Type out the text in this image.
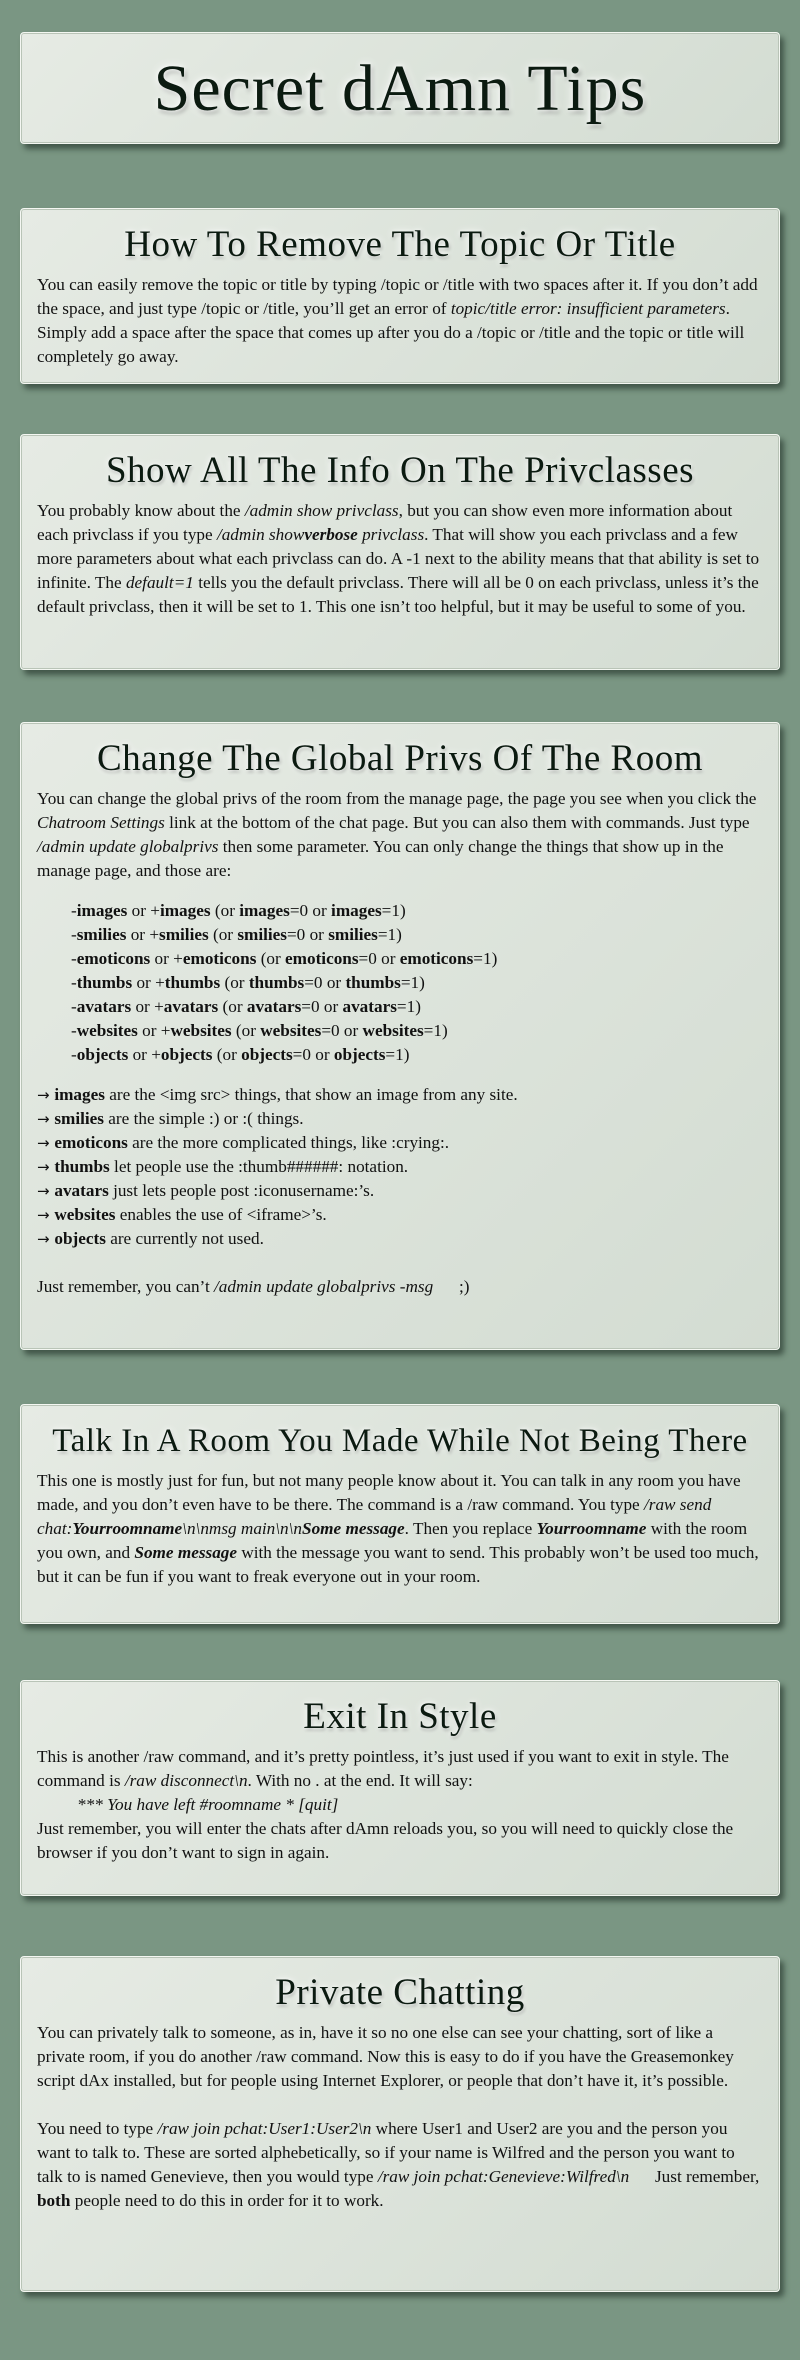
Secret dAmn Tips
How To Remove The Topic Or Title

You can easily remove the topic or title by typing /topic or /title with two spaces after it. If you don’t add the space, and just type /topic or /title, you’ll get an error of topic/title error: insufficient parameters. Simply add a space after the space that comes up after you do a /topic or /title and the topic or title will completely go away.

Show All The Info On The Privclasses

You probably know about the /admin show privclass, but you can show even more information about each privclass if you type /admin showverbose privclass. That will show you each privclass and a few more parameters about what each privclass can do. A -1 next to the ability means that that ability is set to infinite. The default=1 tells you the default privclass. There will all be 0 on each privclass, unless it’s the default privclass, then it will be set to 1. This one isn’t too helpful, but it may be useful to some of you.

Change The Global Privs Of The Room

You can change the global privs of the room from the manage page, the page you see when you click the Chatroom Settings link at the bottom of the chat page. But you can also them with commands. Just type /admin update globalprivs then some parameter. You can only change the things that show up in the manage page, and those are:

-images or +images (or images=0 or images=1)
-smilies or +smilies (or smilies=0 or smilies=1)
-emoticons or +emoticons (or emoticons=0 or emoticons=1)
-thumbs or +thumbs (or thumbs=0 or thumbs=1)
-avatars or +avatars (or avatars=0 or avatars=1)
-websites or +websites (or websites=0 or websites=1)
-objects or +objects (or objects=0 or objects=1)
→ images are the <img src> things, that show an image from any site.
→ smilies are the simple :) or :( things.
→ emoticons are the more complicated things, like :crying:.
→ thumbs let people use the :thumb######: notation.
→ avatars just lets people post :iconusername:’s.
→ websites enables the use of <iframe>’s.
→ objects are currently not used.

Just remember, you can’t /admin update globalprivs -msg      ;)

Talk In A Room You Made While Not Being There

This one is mostly just for fun, but not many people know about it. You can talk in any room you have made, and you don’t even have to be there. The command is a /raw command. You type /raw send chat:Yourroomname\n\nmsg main\n\nSome message. Then you replace Yourroomname with the room you own, and Some message with the message you want to send. This probably won’t be used too much, but it can be fun if you want to freak everyone out in your room.

Exit In Style

This is another /raw command, and it’s pretty pointless, it’s just used if you want to exit in style. The command is /raw disconnect\n. With no . at the end. It will say:

*** You have left #roomname * [quit]

Just remember, you will enter the chats after dAmn reloads you, so you will need to quickly close the browser if you don’t want to sign in again.

Private Chatting

You can privately talk to someone, as in, have it so no one else can see your chatting, sort of like a private room, if you do another /raw command. Now this is easy to do if you have the Greasemonkey script dAx installed, but for people using Internet Explorer, or people that don’t have it, it’s possible.

You need to type /raw join pchat:User1:User2\n where User1 and User2 are you and the person you want to talk to. These are sorted alphebetically, so if your name is Wilfred and the person you want to talk to is named Genevieve, then you would type /raw join pchat:Genevieve:Wilfred\n      Just remember, both people need to do this in order for it to work.
